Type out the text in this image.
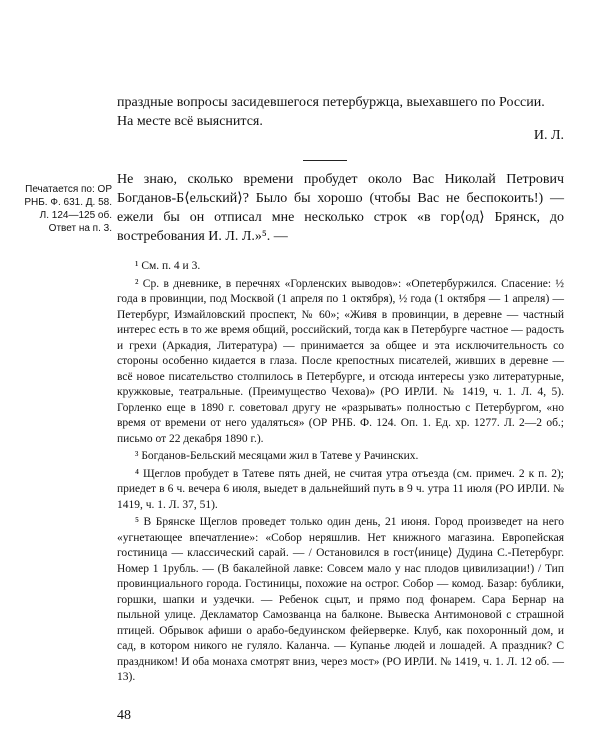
праздные вопросы засидевшегося петербуржца, выехавшего по России.

На месте всё выяснится.

И. Л.
Печатается по: ОР
РНБ. Ф. 631. Д. 58.
Л. 124—125 об.
Ответ на п. 3.

Не знаю, сколько времени пробудет около Вас Николай Петрович Богданов-Б⟨ельский⟩? Было бы хорошо (чтобы Вас не беспокоить!) — ежели бы он отписал мне несколько строк «в гор⟨од⟩ Брянск, до востребования И. Л. Л.»⁵. —

¹ См. п. 4 и 3.

² Ср. в дневнике, в перечнях «Горленских выводов»: «Опетербуржился. Спасение: ½ года в провинции, под Москвой (1 апреля по 1 октября), ½ года (1 октября — 1 апреля) — Петербург, Измайловский проспект, № 60»; «Живя в провинции, в деревне — частный интерес есть в то же время общий, российский, тогда как в Петербурге частное — радость и грехи (Аркадия, Литература) — принимается за общее и эта исключительность со стороны особенно кидается в глаза. После крепостных писателей, живших в деревне — всё новое писательство столпилось в Петербурге, и отсюда интересы узко литературные, кружковые, театральные. (Преимущество Чехова)» (РО ИРЛИ. № 1419, ч. 1. Л. 4, 5). Горленко еще в 1890 г. советовал другу не «разрывать» полностью с Петербургом, «но время от времени от него удаляться» (ОР РНБ. Ф. 124. Оп. 1. Ед. хр. 1277. Л. 2—2 об.; письмо от 22 декабря 1890 г.).

³ Богданов-Бельский месяцами жил в Татеве у Рачинских.

⁴ Щеглов пробудет в Татеве пять дней, не считая утра отъезда (см. примеч. 2 к п. 2); приедет в 6 ч. вечера 6 июля, выедет в дальнейший путь в 9 ч. утра 11 июля (РО ИРЛИ. № 1419, ч. 1. Л. 37, 51).

⁵ В Брянске Щеглов проведет только один день, 21 июня. Город произведет на него «угнетающее впечатление»: «Собор неряшлив. Нет книжного магазина. Европейская гостиница — классический сарай. — / Остановился в гост⟨инице⟩ Дудина С.-Петербург. Номер 1 1рубль. — (В бакалейной лавке: Совсем мало у нас плодов цивилизации!) / Тип провинциального города. Гостиницы, похожие на острог. Собор — комод. Базар: бублики, горшки, шапки и уздечки. — Ребенок сцыт, и прямо под фонарем. Сара Бернар на пыльной улице. Декламатор Самозванца на балконе. Вывеска Антимоновой с страшной птицей. Обрывок афиши о арабо-бедуинском фейерверке. Клуб, как похоронный дом, и сад, в котором никого не гуляло. Каланча. — Купанье людей и лошадей. А праздник? С праздником! И оба монаха смотрят вниз, через мост» (РО ИРЛИ. № 1419, ч. 1. Л. 12 об. — 13).

48
